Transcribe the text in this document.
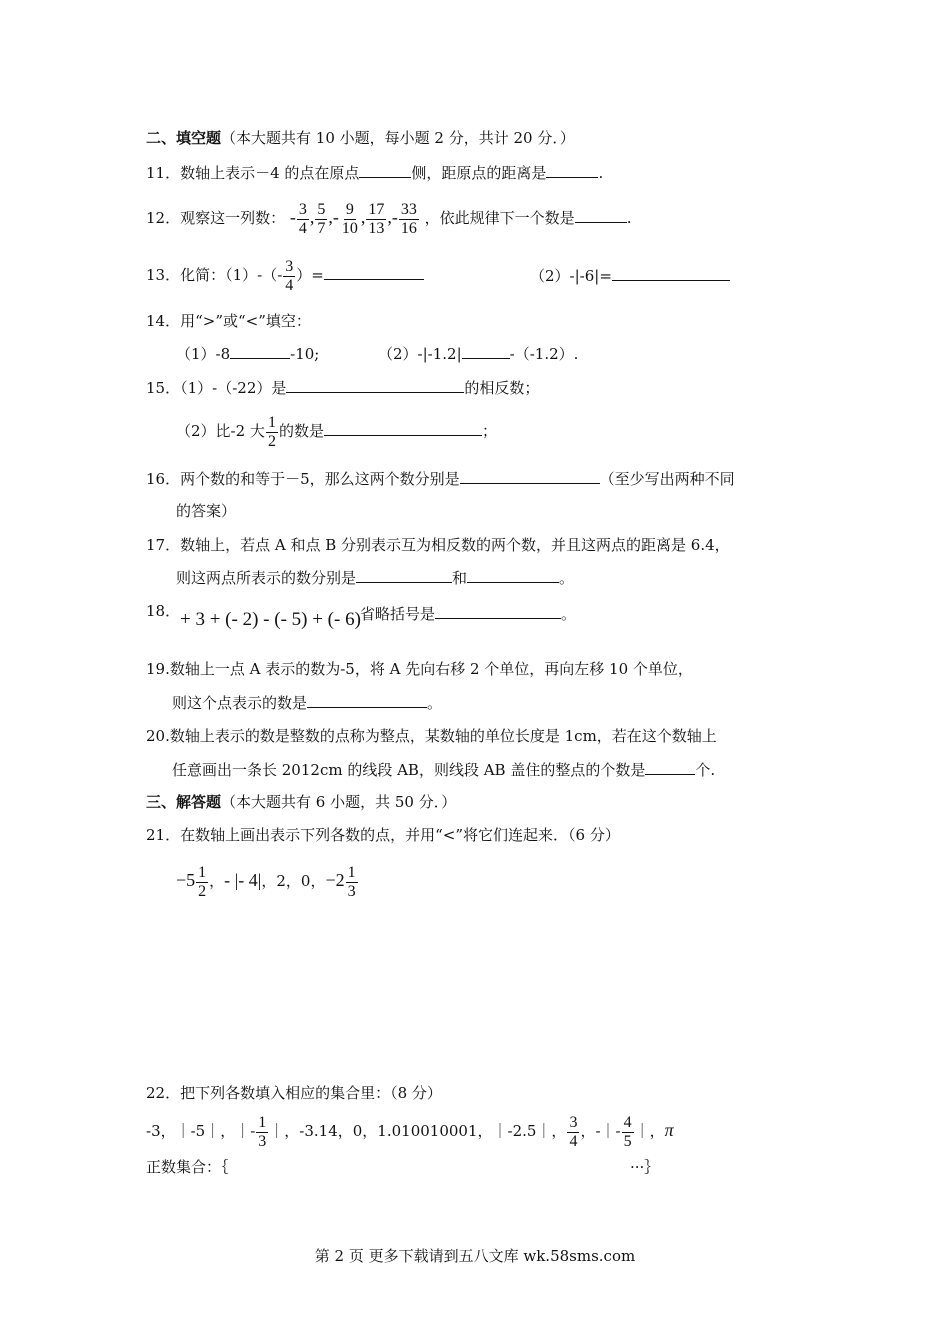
二、填空题（本大题共有 10 小题，每小题 2 分，共计 20 分．）
11．数轴上表示－4 的点在原点	侧，距原点的距离是	.
12．观察这一列数： - $\frac{3}{4}$ , $\frac{5}{7}$ ,- $\frac{9}{10}$ , $\frac{17}{13}$ ,- $\frac{33}{16}$ ，依此规律下一个数是	.
13．化简：$(1)-(- \frac{3}{4}$ ）=	（2）-|-6|=
14．用“>”或“<”填空：
（1）-8	-10;	（2）-|-1.2|	-（-1.2）.
15．（1）-（-22）是	的相反数；
（2）比-2 大 $\frac{1}{2}$ 的数是	；
16．两个数的和等于－5，那么这两个数分别是	（至少写出两种不同
的答案）
17．数轴上，若点 A 和点 B 分别表示互为相反数的两个数，并且这两点的距离是 6.4，
则这两点所表示的数分别是	和	。
18． + 3 + (- 2) - (- 5) + (- 6) 省略括号是	。
19.数轴上一点 A 表示的数为-5，将 A 先向右移 2 个单位，再向左移 10 个单位，
则这个点表示的数是	。
20.数轴上表示的数是整数的点称为整点，某数轴的单位长度是 1cm，若在这个数轴上
任意画出一条长 2012cm 的线段 AB，则线段 AB 盖住的整点的个数是	个.
三、解答题（本大题共有 6 小题，共 50 分．）
21．在数轴上画出表示下列各数的点，并用“<”将它们连起来．（6 分）
$-5 \frac{1}{2}$ ，- |- 4|，2，0，$-2 \frac{1}{3}$
22．把下列各数填入相应的集合里：（8 分）
-3，｜-5｜，｜- $\frac{1}{3}$ ｜，-3.14，0，1.010010001，｜-2.5｜， $\frac{3}{4}$ ，-｜- $\frac{4}{5}$ ｜，π
正数集合：｛	···｝
第 2 页 更多下载请到五八文库 wk.58sms.com
